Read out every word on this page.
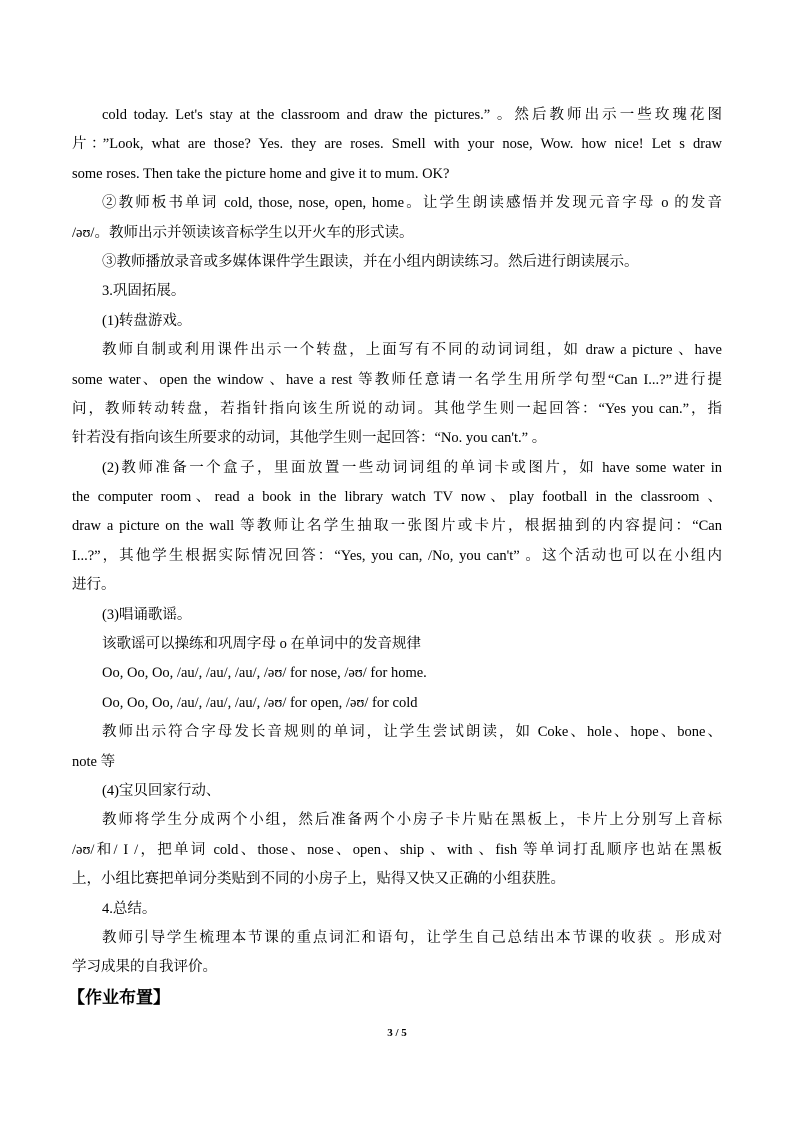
cold today. Let's stay at the classroom and draw the pictures.” 。然后教师出示一些玫瑰花图
片：”Look, what are those? Yes. they are roses. Smell with your nose, Wow. how nice! Let s draw
some roses. Then take the picture home and give it to mum. OK?
②教师板书单词 cold, those, nose, open, home。让学生朗读感悟并发现元音字母 o 的发音
/əʊ/。教师出示并领读该音标学生以开火车的形式读。
③教师播放录音或多媒体课件学生跟读，并在小组内朗读练习。然后进行朗读展示。
3.巩固拓展。
(1)转盘游戏。
教师自制或利用课件出示一个转盘，上面写有不同的动词词组，如 draw a picture 、have
some water、open the window 、have a rest 等教师任意请一名学生用所学句型“Can I...?”进行提
问，教师转动转盘，若指针指向该生所说的动词。其他学生则一起回答：“Yes you can.”，指
针若没有指向该生所要求的动词，其他学生则一起回答：“No. you can't.” 。
(2)教师准备一个盒子，里面放置一些动词词组的单词卡或图片，如 have some water in
the computer room、read a book in the library watch TV now、play football in the classroom 、
draw a picture on the wall 等教师让名学生抽取一张图片或卡片，根据抽到的内容提问：“Can
I...?”，其他学生根据实际情况回答：“Yes, you can, /No, you can't” 。这个活动也可以在小组内
进行。
(3)唱诵歌谣。
该歌谣可以操练和巩周字母 o 在单词中的发音规律
Oo, Oo, Oo, /au/, /au/, /au/, /əʊ/ for nose, /əʊ/ for home.
Oo, Oo, Oo, /au/, /au/, /au/, /əʊ/ for open, /əʊ/ for cold
教师出示符合字母发长音规则的单词，让学生尝试朗读，如 Coke、hole、hope、bone、
note 等
(4)宝贝回家行动、
教师将学生分成两个小组，然后准备两个小房子卡片贴在黑板上，卡片上分别写上音标
/əʊ/和/ I /，把单词 cold、those、nose、open、ship 、with 、fish 等单词打乱顺序也站在黑板
上，小组比赛把单词分类贴到不同的小房子上，贴得又快又正确的小组获胜。
4.总结。
教师引导学生梳理本节课的重点词汇和语句，让学生自己总结出本节课的收获 。形成对
学习成果的自我评价。
【作业布置】
3 / 5
